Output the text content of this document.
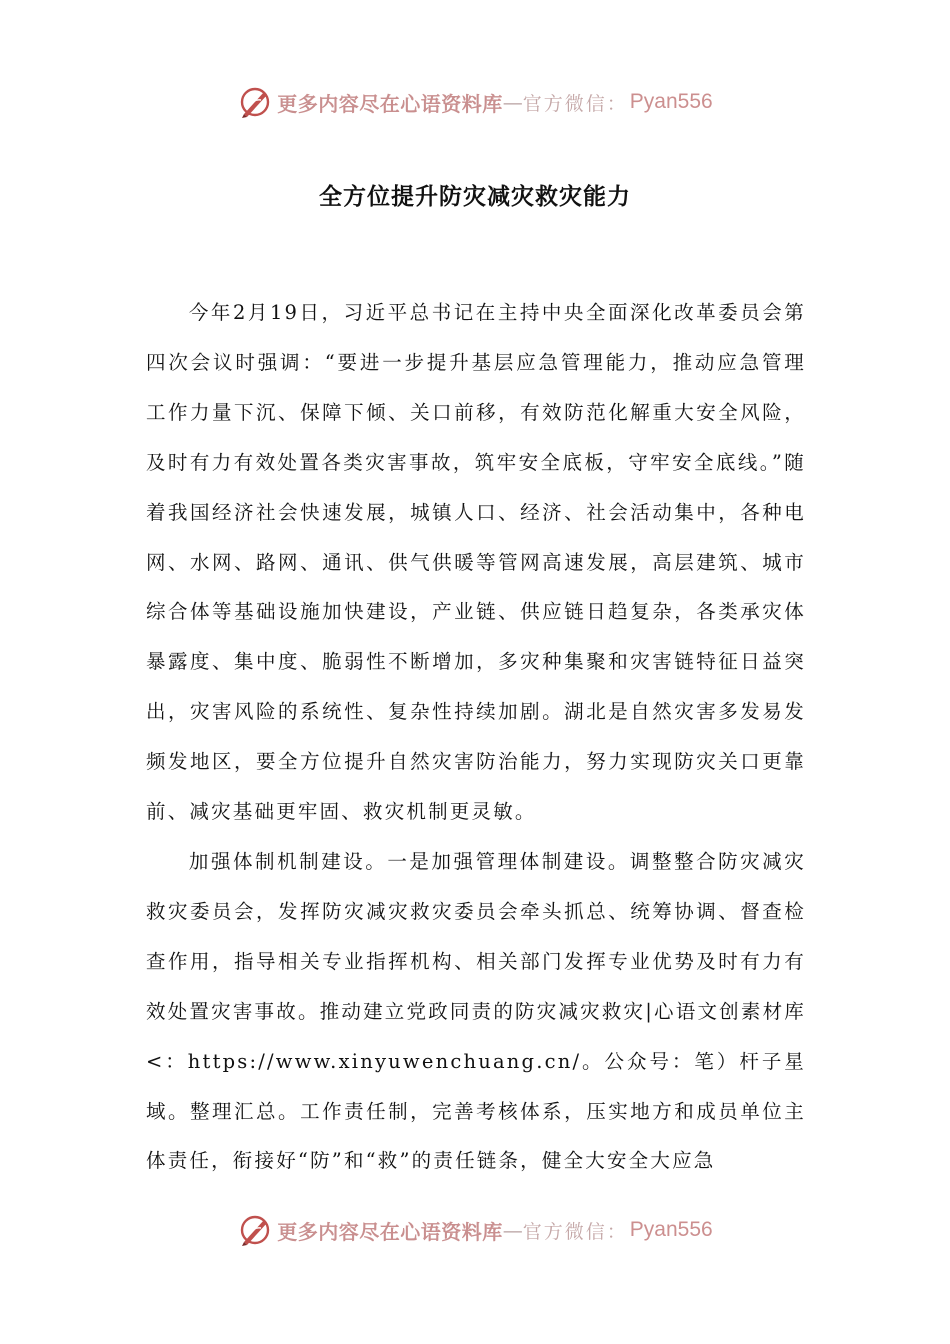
更多内容尽在心语资料库 — 官方微信： Pyan556
全方位提升防灾减灾救灾能力

今年2月19日，习近平总书记在主持中央全面深化改革委员会第四次会议时强调：“要进一步提升基层应急管理能力，推动应急管理工作力量下沉、保障下倾、关口前移，有效防范化解重大安全风险，及时有力有效处置各类灾害事故，筑牢安全底板，守牢安全底线。”随着我国经济社会快速发展，城镇人口、经济、社会活动集中，各种电网、水网、路网、通讯、供气供暖等管网高速发展，高层建筑、城市综合体等基础设施加快建设，产业链、供应链日趋复杂，各类承灾体暴露度、集中度、脆弱性不断增加，多灾种集聚和灾害链特征日益突出，灾害风险的系统性、复杂性持续加剧。湖北是自然灾害多发易发频发地区，要全方位提升自然灾害防治能力，努力实现防灾关口更靠前、减灾基础更牢固、救灾机制更灵敏。

加强体制机制建设。一是加强管理体制建设。调整整合防灾减灾救灾委员会，发挥防灾减灾救灾委员会牵头抓总、统筹协调、督查检查作用，指导相关专业指挥机构、相关部门发挥专业优势及时有力有效处置灾害事故。推动建立党政同责的防灾减灾救灾|心语文创素材库<：https://www.xinyuwenchuang.cn/。公众号：笔）杆子星域。整理汇总。工作责任制，完善考核体系，压实地方和成员单位主体责任，衔接好“防”和“救”的责任链条，健全大安全大应急

更多内容尽在心语资料库 — 官方微信： Pyan556
